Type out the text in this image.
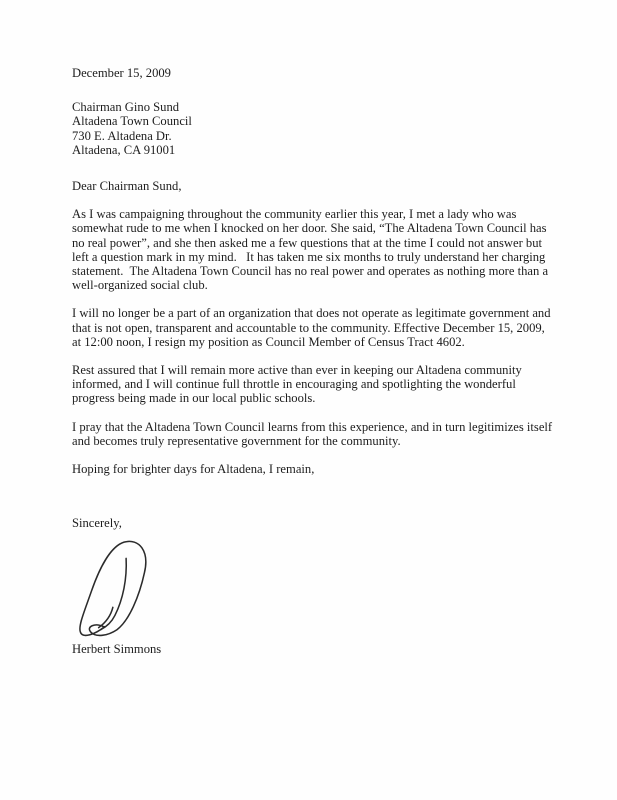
December 15, 2009

Chairman Gino Sund

Altadena Town Council

730 E. Altadena Dr.

Altadena, CA 91001

Dear Chairman Sund,

As I was campaigning throughout the community earlier this year, I met a lady who was somewhat rude to me when I knocked on her door. She said, “The Altadena Town Council has no real power”, and she then asked me a few questions that at the time I could not answer but left a question mark in my mind.   It has taken me six months to truly understand her charging statement.  The Altadena Town Council has no real power and operates as nothing more than a well-organized social club.

I will no longer be a part of an organization that does not operate as legitimate government and that is not open, transparent and accountable to the community. Effective December 15, 2009, at 12:00 noon, I resign my position as Council Member of Census Tract 4602.

Rest assured that I will remain more active than ever in keeping our Altadena community informed, and I will continue full throttle in encouraging and spotlighting the wonderful progress being made in our local public schools.

I pray that the Altadena Town Council learns from this experience, and in turn legitimizes itself and becomes truly representative government for the community.

Hoping for brighter days for Altadena, I remain,

Sincerely,

Herbert Simmons
